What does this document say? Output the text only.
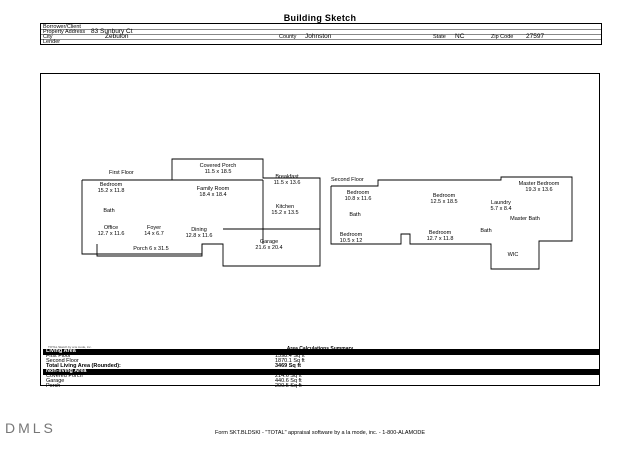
Building Sketch
Borrower/Client
Property Address 83 Sunbury Ct
City	Zebulon	County Johnston	State NC	Zip Code 27597
Lender
First Floor
Covered Porch
11.5 x 18.5
Breakfast
11.5 x 13.6
Bedroom
15.2 x 11.8	Family Room
18.4 x 18.4
Bath
Kitchen
15.2 x 13.5
Office
12.7 x 11.6
Foyer
14 x 6.7
Dining
12.8 x 11.6
Porch 6 x 31.5
Garage
21.6 x 20.4
Second Floor
Bedroom
10.8 x 11.6	Bedroom
12.5 x 18.5
Master Bedroom
19.3 x 13.6
Laundry
5.7 x 8.4
Bath
Master Bath
Bedroom
10.5 x 12
Bedroom
12.7 x 11.8
Bath
WIC
TOTAL Sketch by a la mode, inc.
Living Area
First Floor	1598.4 Sq ft
Second Floor	1870.1 Sq ft
Total Living Area (Rounded):	3469 Sq ft
Non-living Area
Covered Porch	214.6 Sq ft
Garage	440.6 Sq ft
Porch	200.5 Sq ft
DMLS	Form SKT.BLDSKI - "TOTAL" appraisal software by a la mode, inc. - 1-800-ALAMODE
